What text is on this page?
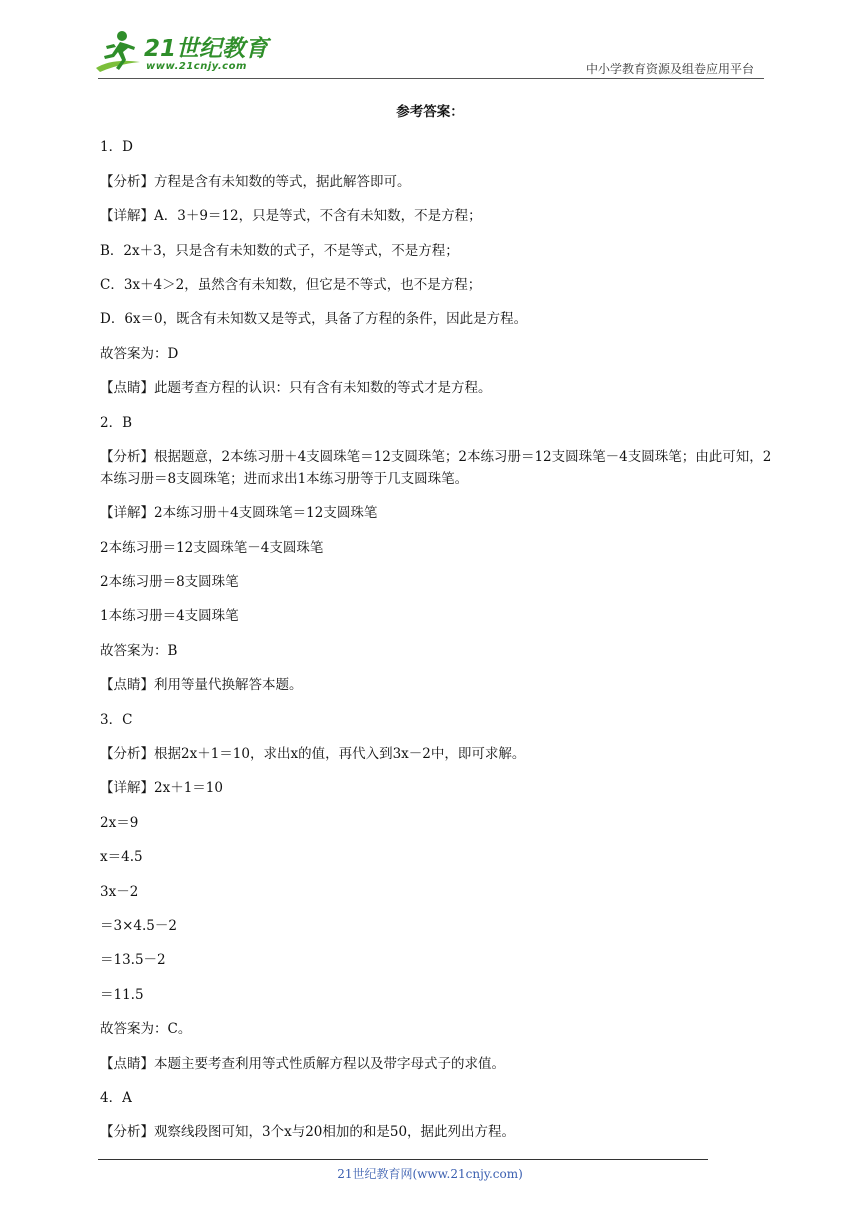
21世纪教育
www.21cnjy.com	中小学教育资源及组卷应用平台
参考答案：
1．D
【分析】方程是含有未知数的等式，据此解答即可。
【详解】A．3＋9＝12，只是等式，不含有未知数，不是方程；
B．2x＋3，只是含有未知数的式子，不是等式，不是方程；
C．3x＋4＞2，虽然含有未知数，但它是不等式，也不是方程；
D．6x＝0，既含有未知数又是等式，具备了方程的条件，因此是方程。
故答案为：D
【点睛】此题考查方程的认识：只有含有未知数的等式才是方程。
2．B
【分析】根据题意，2本练习册＋4支圆珠笔＝12支圆珠笔；2本练习册＝12支圆珠笔－4支圆珠笔；由此可知，2本练习册＝8支圆珠笔；进而求出1本练习册等于几支圆珠笔。
【详解】2本练习册＋4支圆珠笔＝12支圆珠笔
2本练习册＝12支圆珠笔－4支圆珠笔
2本练习册＝8支圆珠笔
1本练习册＝4支圆珠笔
故答案为：B
【点睛】利用等量代换解答本题。
3．C
【分析】根据2x＋1＝10，求出x的值，再代入到3x－2中，即可求解。
【详解】2x＋1＝10
2x＝9
x＝4.5
3x－2
＝3×4.5－2
＝13.5－2
＝11.5
故答案为：C。
【点睛】本题主要考查利用等式性质解方程以及带字母式子的求值。
4．A
【分析】观察线段图可知，3个x与20相加的和是50，据此列出方程。
21世纪教育网(www.21cnjy.com)
